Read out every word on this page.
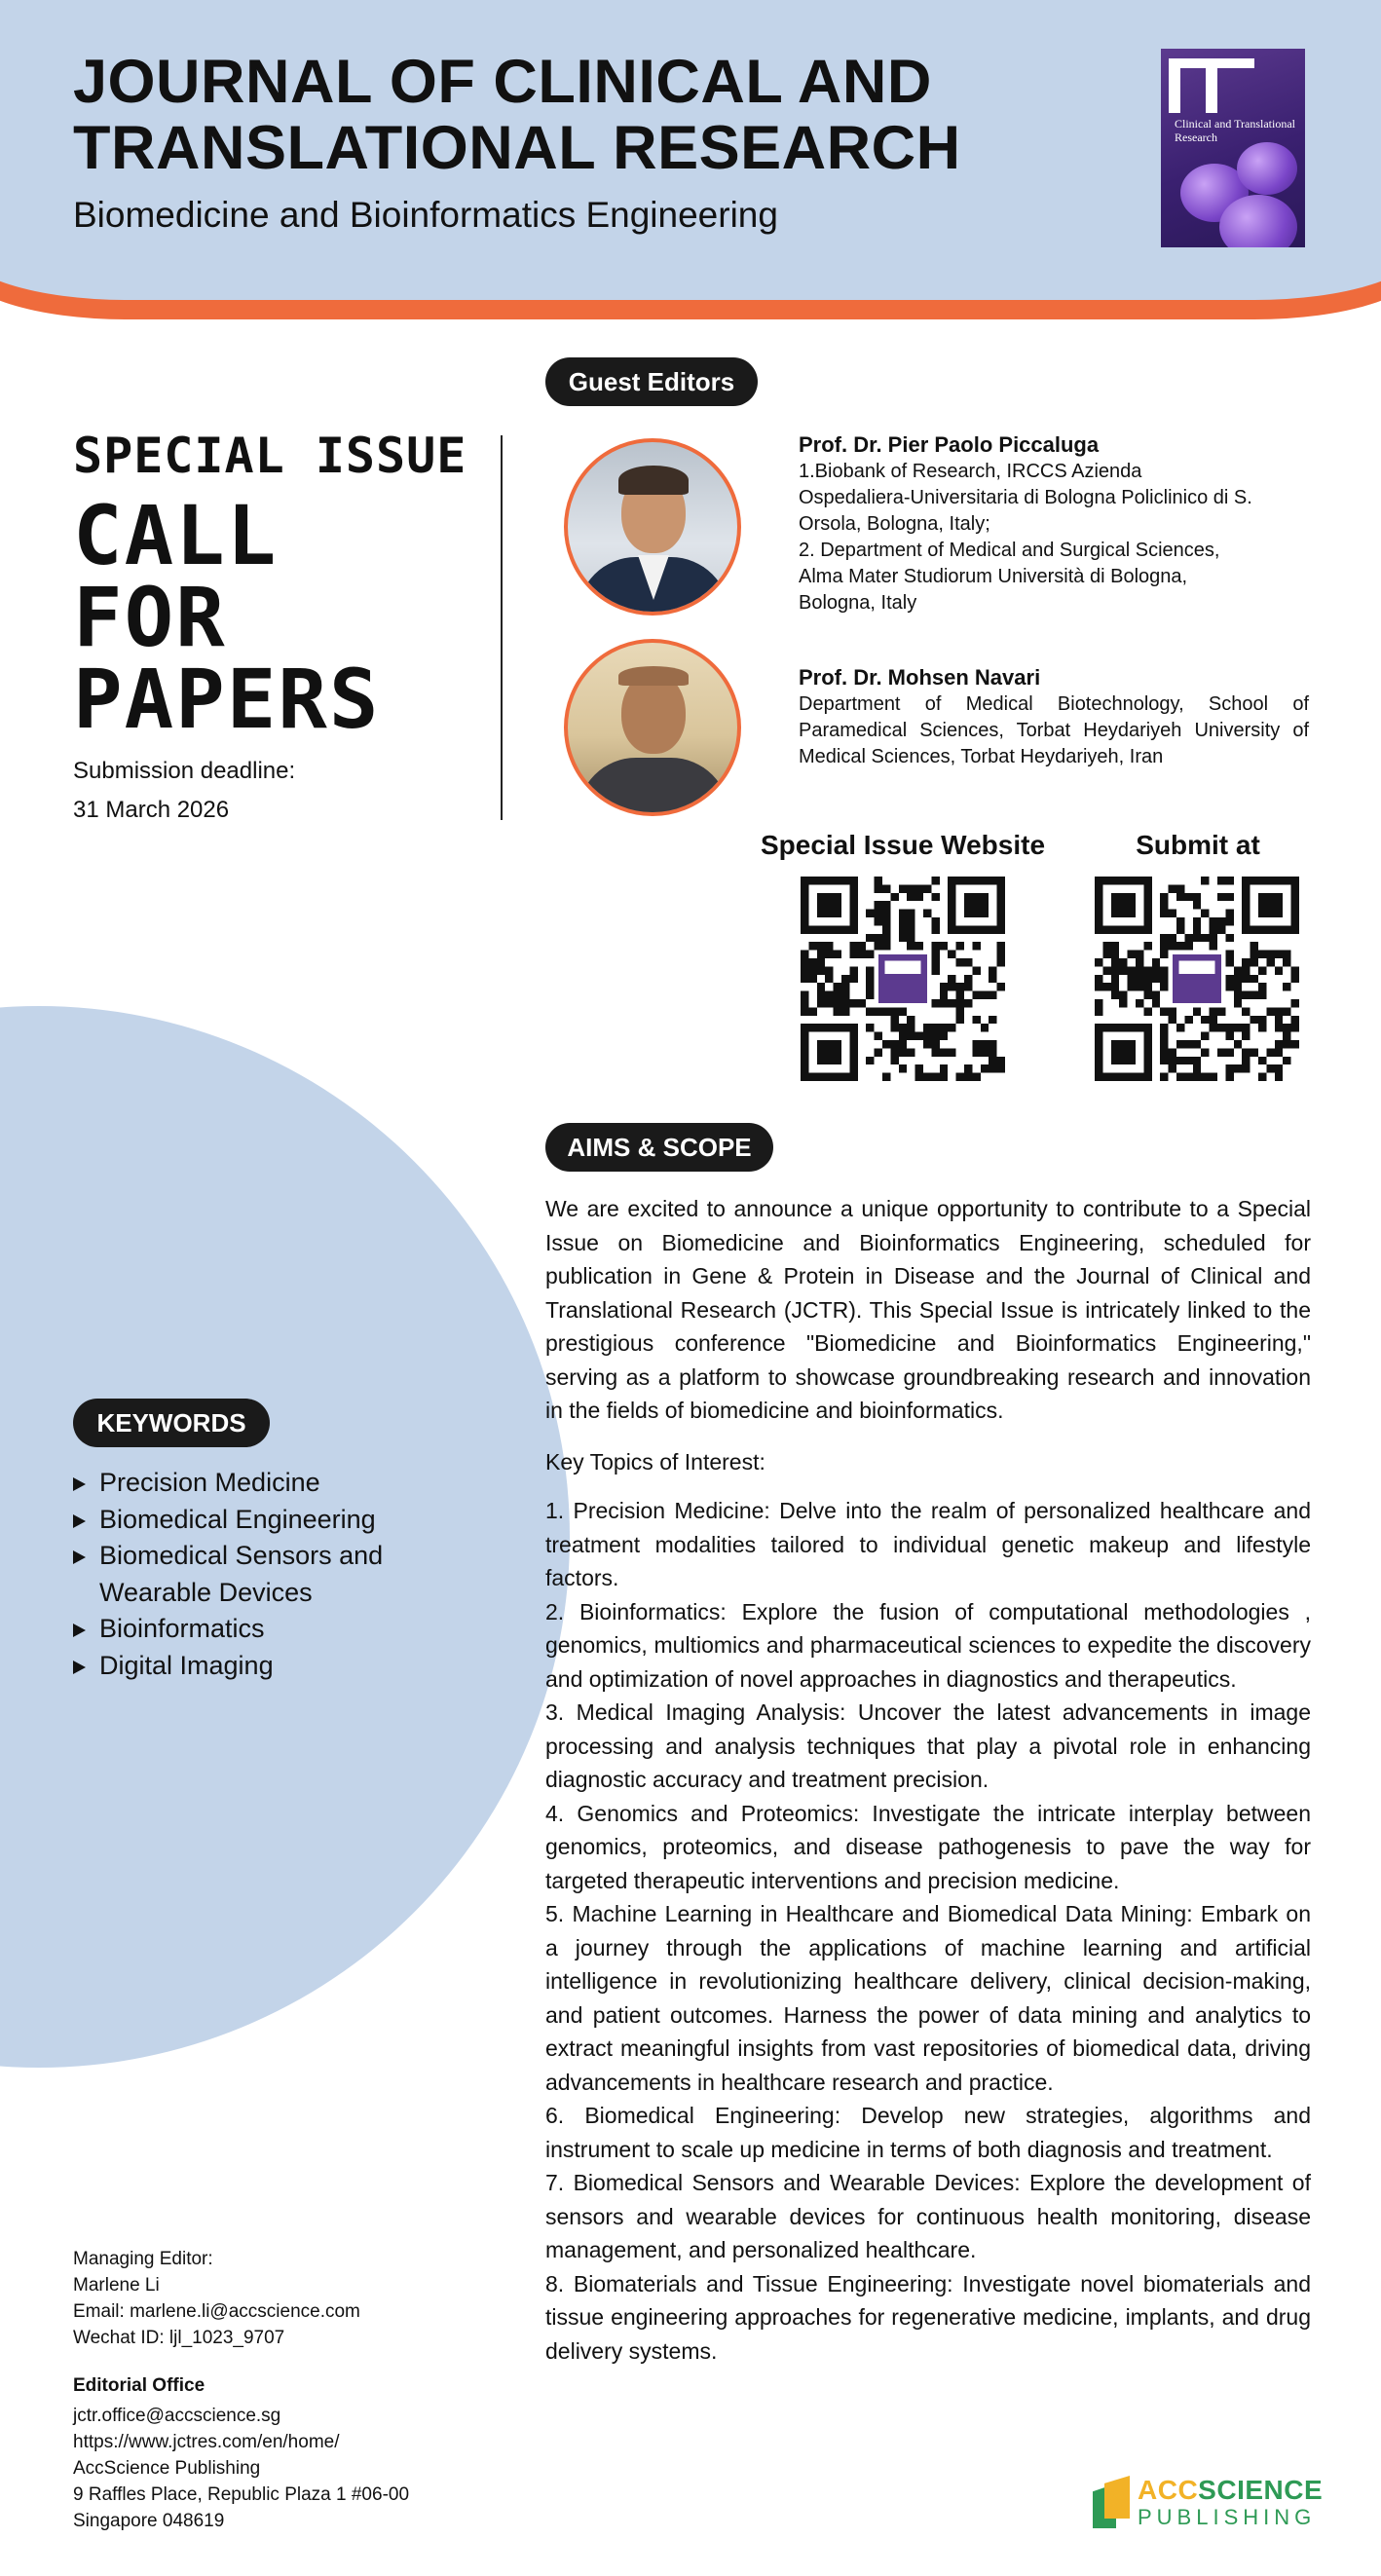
JOURNAL OF CLINICAL AND TRANSLATIONAL RESEARCH

Biomedicine and Bioinformatics Engineering

Clinical and Translational Research
SPECIAL ISSUE
CALL
FOR
PAPERS
Submission deadline:
31 March 2026
Guest Editors
Prof. Dr. Pier Paolo Piccaluga
1.Biobank of Research, IRCCS Azienda
Ospedaliera-Universitaria di Bologna Policlinico di S.
Orsola, Bologna, Italy;
2. Department of Medical and Surgical Sciences,
Alma Mater Studiorum Università di Bologna,
Bologna, Italy
Prof. Dr. Mohsen Navari
Department of Medical Biotechnology, School of Paramedical Sciences, Torbat Heydariyeh University of Medical Sciences, Torbat Heydariyeh, Iran
Special Issue Website	Submit at
AIMS & SCOPE

We are excited to announce a unique opportunity to contribute to a Special Issue on Biomedicine and Bioinformatics Engineering, scheduled for publication in Gene & Protein in Disease and the Journal of Clinical and Translational Research (JCTR). This Special Issue is intricately linked to the prestigious conference "Biomedicine and Bioinformatics Engineering," serving as a platform to showcase groundbreaking research and innovation in the fields of biomedicine and bioinformatics.

Key Topics of Interest:

1. Precision Medicine: Delve into the realm of personalized healthcare and treatment modalities tailored to individual genetic makeup and lifestyle factors.

2. Bioinformatics: Explore the fusion of computational methodologies , genomics, multiomics and pharmaceutical sciences to expedite the discovery and optimization of novel approaches in diagnostics and therapeutics.

3. Medical Imaging Analysis: Uncover the latest advancements in image processing and analysis techniques that play a pivotal role in enhancing diagnostic accuracy and treatment precision.

4. Genomics and Proteomics: Investigate the intricate interplay between genomics, proteomics, and disease pathogenesis to pave the way for targeted therapeutic interventions and precision medicine.

5. Machine Learning in Healthcare and Biomedical Data Mining: Embark on a journey through the applications of machine learning and artificial intelligence in revolutionizing healthcare delivery, clinical decision-making, and patient outcomes. Harness the power of data mining and analytics to extract meaningful insights from vast repositories of biomedical data, driving advancements in healthcare research and practice.

6. Biomedical Engineering: Develop new strategies, algorithms and instrument to scale up medicine in terms of both diagnosis and treatment.

7. Biomedical Sensors and Wearable Devices: Explore the development of sensors and wearable devices for continuous health monitoring, disease management, and personalized healthcare.

8. Biomaterials and Tissue Engineering: Investigate novel biomaterials and tissue engineering approaches for regenerative medicine, implants, and drug delivery systems.

KEYWORDS
Precision Medicine
Biomedical Engineering
Biomedical Sensors and Wearable Devices
Bioinformatics
Digital Imaging
Managing Editor:
Marlene Li
Email: marlene.li@accscience.com
Wechat ID: ljl_1023_9707
Editorial Office
jctr.office@accscience.sg
https://www.jctres.com/en/home/
AccScience Publishing
9 Raffles Place, Republic Plaza 1 #06-00
Singapore 048619
ACCSCIENCE
PUBLISHING
